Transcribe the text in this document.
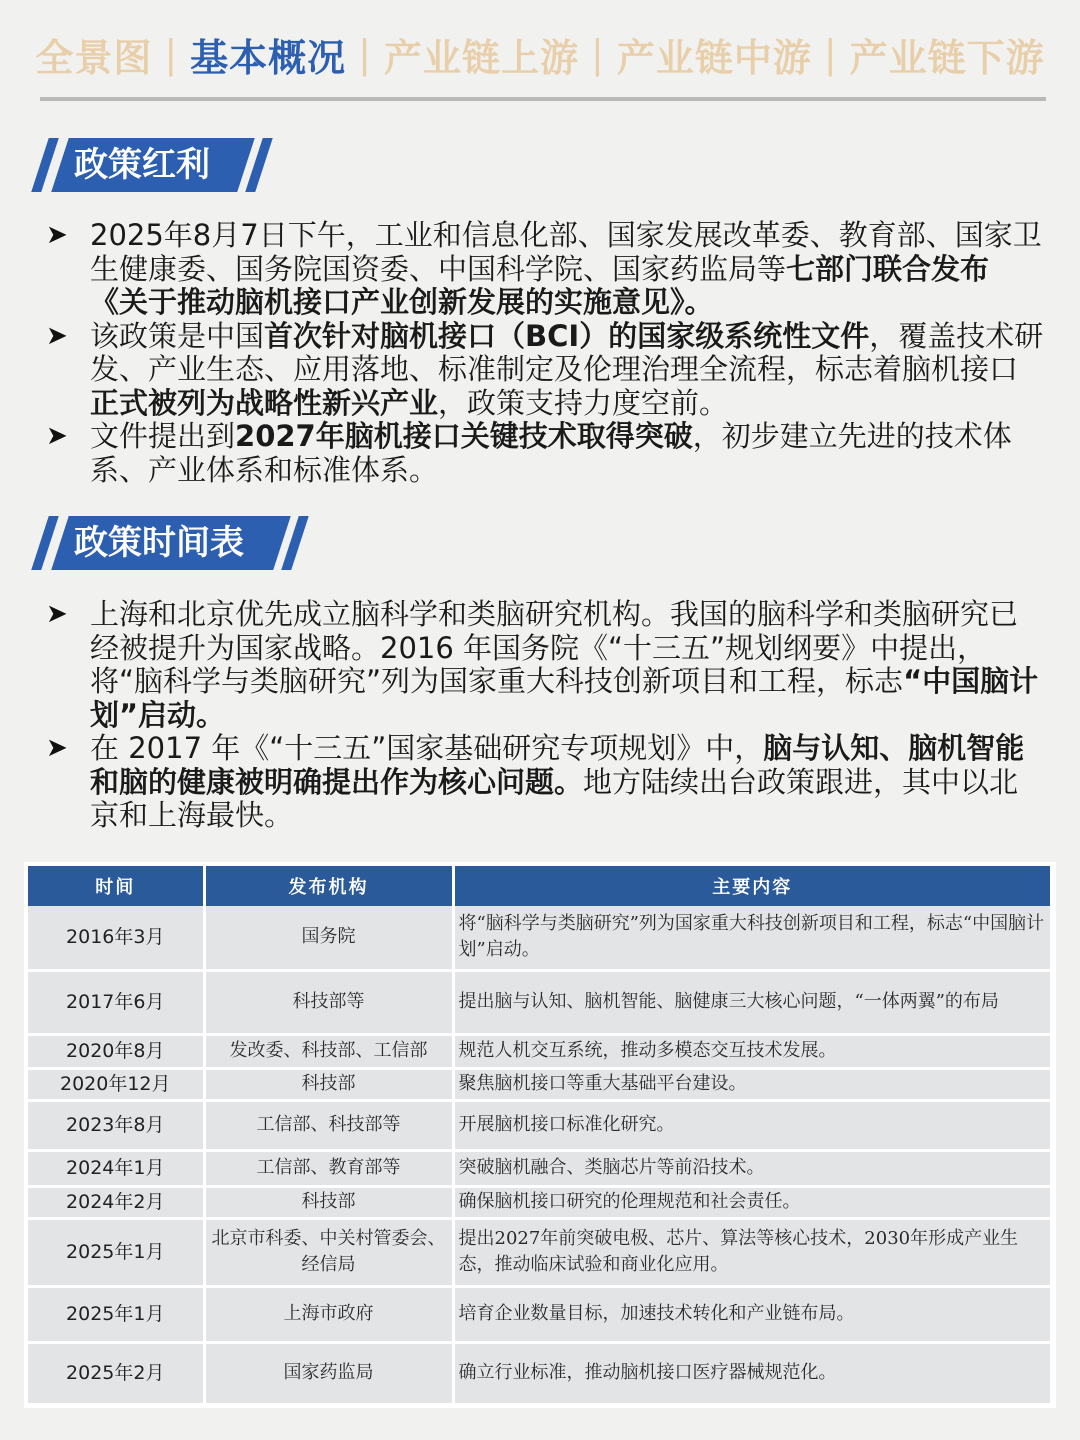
全景图 | 基本概况 | 产业链上游 | 产业链中游 | 产业链下游
政策红利
➤ 2025年8月7日下午，工业和信息化部、国家发展改革委、教育部、国家卫生健康委、国务院国资委、中国科学院、国家药监局等七部门联合发布《关于推动脑机接口产业创新发展的实施意见》。
➤ 该政策是中国首次针对脑机接口（BCI）的国家级系统性文件，覆盖技术研发、产业生态、应用落地、标准制定及伦理治理全流程，标志着脑机接口正式被列为战略性新兴产业，政策支持力度空前。
➤ 文件提出到2027年脑机接口关键技术取得突破，初步建立先进的技术体系、产业体系和标准体系。
政策时间表
➤ 上海和北京优先成立脑科学和类脑研究机构。我国的脑科学和类脑研究已经被提升为国家战略。2016 年国务院《“十三五”规划纲要》中提出，将“脑科学与类脑研究”列为国家重大科技创新项目和工程，标志“中国脑计划”启动。
➤ 在 2017 年《“十三五”国家基础研究专项规划》中，脑与认知、脑机智能和脑的健康被明确提出作为核心问题。地方陆续出台政策跟进，其中以北京和上海最快。
时间	发布机构	主要内容
2016年3月	国务院	将“脑科学与类脑研究”列为国家重大科技创新项目和工程，标志“中国脑计划”启动。
2017年6月	科技部等	提出脑与认知、脑机智能、脑健康三大核心问题，“一体两翼”的布局
2020年8月	发改委、科技部、工信部	规范人机交互系统，推动多模态交互技术发展。
2020年12月	科技部	聚焦脑机接口等重大基础平台建设。
2023年8月	工信部、科技部等	开展脑机接口标准化研究。
2024年1月	工信部、教育部等	突破脑机融合、类脑芯片等前沿技术。
2024年2月	科技部	确保脑机接口研究的伦理规范和社会责任。
2025年1月	北京市科委、中关村管委会、经信局	提出2027年前突破电极、芯片、算法等核心技术，2030年形成产业生态，推动临床试验和商业化应用。
2025年1月	上海市政府	培育企业数量目标，加速技术转化和产业链布局。
2025年2月	国家药监局	确立行业标准，推动脑机接口医疗器械规范化。
